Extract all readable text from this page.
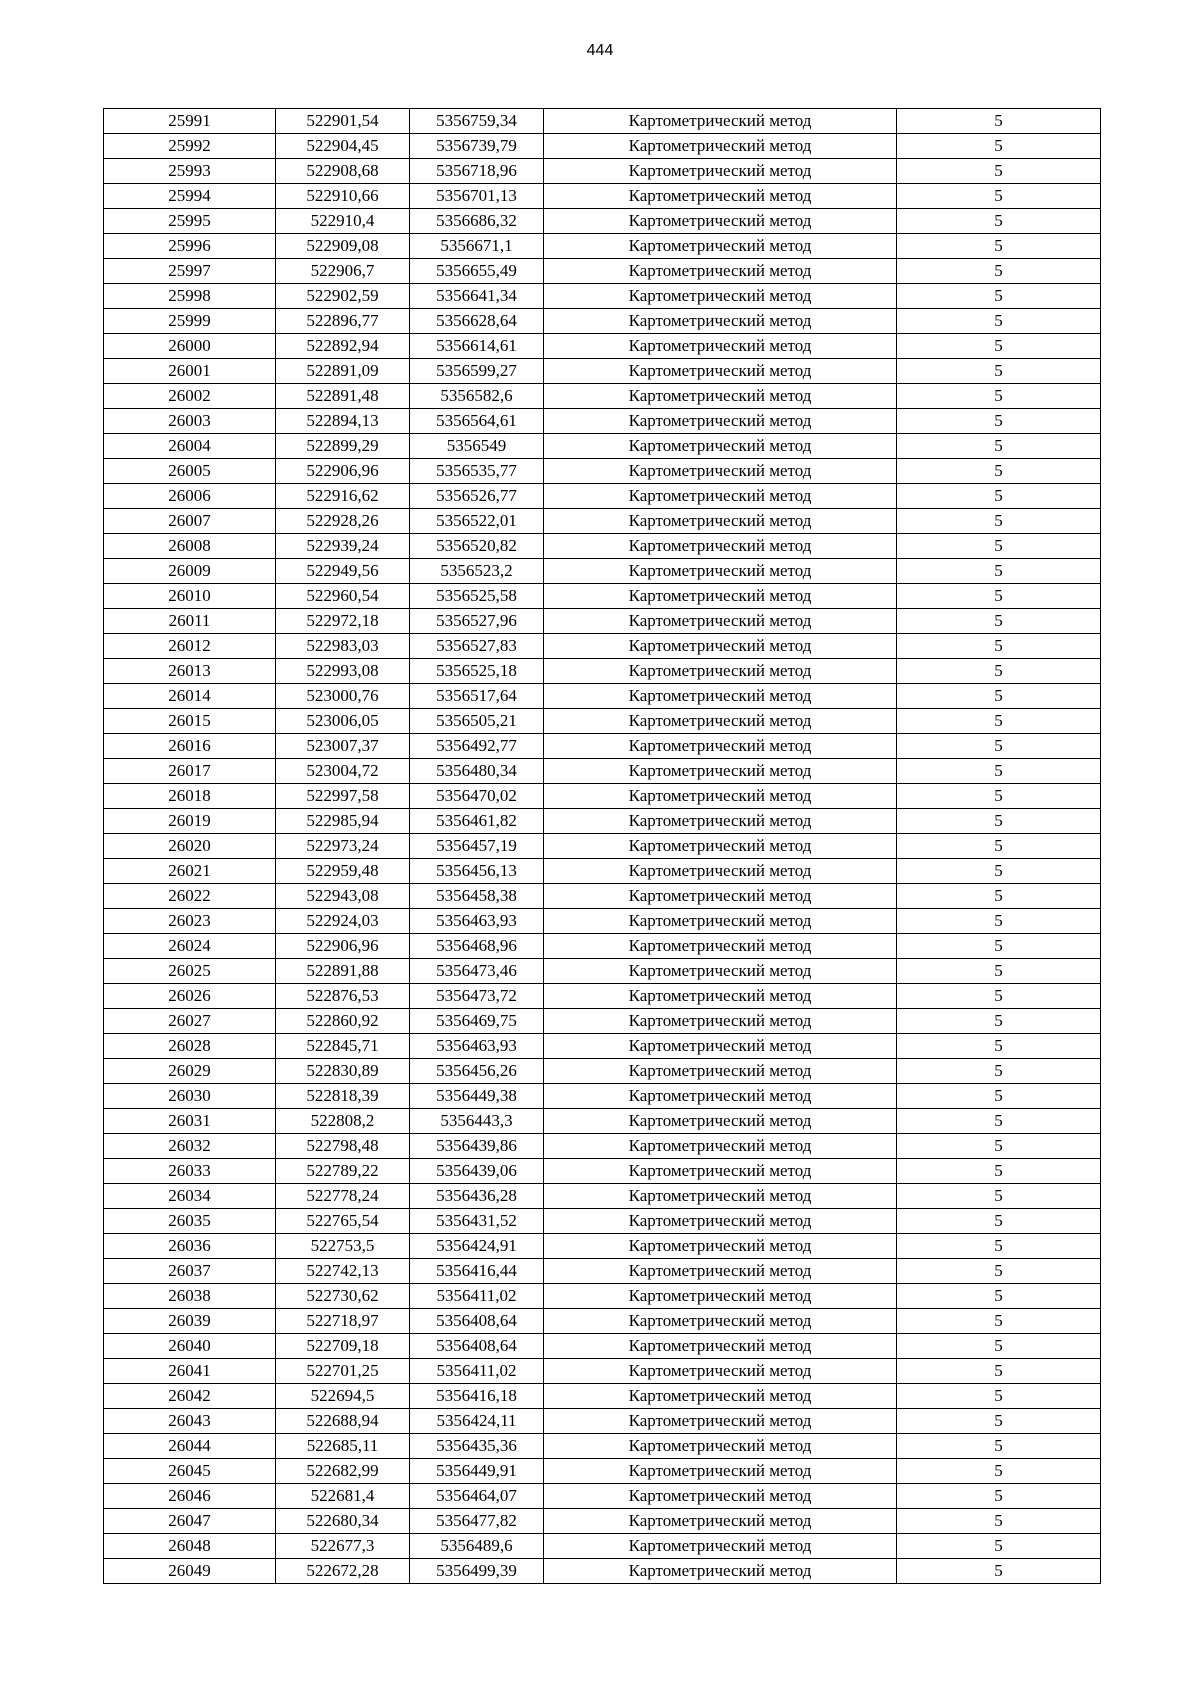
444
25991	522901,54	5356759,34	Картометрический метод	5
25992	522904,45	5356739,79	Картометрический метод	5
25993	522908,68	5356718,96	Картометрический метод	5
25994	522910,66	5356701,13	Картометрический метод	5
25995	522910,4	5356686,32	Картометрический метод	5
25996	522909,08	5356671,1	Картометрический метод	5
25997	522906,7	5356655,49	Картометрический метод	5
25998	522902,59	5356641,34	Картометрический метод	5
25999	522896,77	5356628,64	Картометрический метод	5
26000	522892,94	5356614,61	Картометрический метод	5
26001	522891,09	5356599,27	Картометрический метод	5
26002	522891,48	5356582,6	Картометрический метод	5
26003	522894,13	5356564,61	Картометрический метод	5
26004	522899,29	5356549	Картометрический метод	5
26005	522906,96	5356535,77	Картометрический метод	5
26006	522916,62	5356526,77	Картометрический метод	5
26007	522928,26	5356522,01	Картометрический метод	5
26008	522939,24	5356520,82	Картометрический метод	5
26009	522949,56	5356523,2	Картометрический метод	5
26010	522960,54	5356525,58	Картометрический метод	5
26011	522972,18	5356527,96	Картометрический метод	5
26012	522983,03	5356527,83	Картометрический метод	5
26013	522993,08	5356525,18	Картометрический метод	5
26014	523000,76	5356517,64	Картометрический метод	5
26015	523006,05	5356505,21	Картометрический метод	5
26016	523007,37	5356492,77	Картометрический метод	5
26017	523004,72	5356480,34	Картометрический метод	5
26018	522997,58	5356470,02	Картометрический метод	5
26019	522985,94	5356461,82	Картометрический метод	5
26020	522973,24	5356457,19	Картометрический метод	5
26021	522959,48	5356456,13	Картометрический метод	5
26022	522943,08	5356458,38	Картометрический метод	5
26023	522924,03	5356463,93	Картометрический метод	5
26024	522906,96	5356468,96	Картометрический метод	5
26025	522891,88	5356473,46	Картометрический метод	5
26026	522876,53	5356473,72	Картометрический метод	5
26027	522860,92	5356469,75	Картометрический метод	5
26028	522845,71	5356463,93	Картометрический метод	5
26029	522830,89	5356456,26	Картометрический метод	5
26030	522818,39	5356449,38	Картометрический метод	5
26031	522808,2	5356443,3	Картометрический метод	5
26032	522798,48	5356439,86	Картометрический метод	5
26033	522789,22	5356439,06	Картометрический метод	5
26034	522778,24	5356436,28	Картометрический метод	5
26035	522765,54	5356431,52	Картометрический метод	5
26036	522753,5	5356424,91	Картометрический метод	5
26037	522742,13	5356416,44	Картометрический метод	5
26038	522730,62	5356411,02	Картометрический метод	5
26039	522718,97	5356408,64	Картометрический метод	5
26040	522709,18	5356408,64	Картометрический метод	5
26041	522701,25	5356411,02	Картометрический метод	5
26042	522694,5	5356416,18	Картометрический метод	5
26043	522688,94	5356424,11	Картометрический метод	5
26044	522685,11	5356435,36	Картометрический метод	5
26045	522682,99	5356449,91	Картометрический метод	5
26046	522681,4	5356464,07	Картометрический метод	5
26047	522680,34	5356477,82	Картометрический метод	5
26048	522677,3	5356489,6	Картометрический метод	5
26049	522672,28	5356499,39	Картометрический метод	5
